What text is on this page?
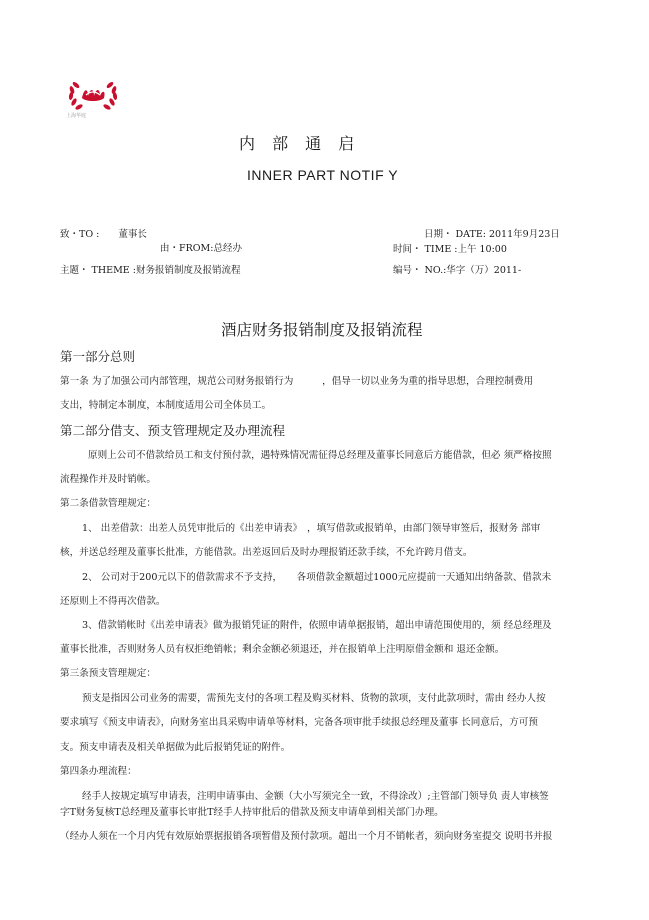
上海华庭
内 部 通 启
INNER PART NOTIF Y
致・TO :　　董事长
由・FROM:总经办
主题・ THEME :财务报销制度及报销流程
日期・ DATE: 2011年9月23日
时间・ TIME :上午 10:00
编号・ NO.:华字（万）2011-
酒店财务报销制度及报销流程
第一部分总则
第一条 为了加强公司内部管理，规范公司财务报销行为　　　，倡导一切以业务为重的指导思想，合理控制费用
支出，特制定本制度，本制度适用公司全体员工。
第二部分借支、预支管理规定及办理流程
原则上公司不借款给员工和支付预付款，遇特殊情况需征得总经理及董事长同意后方能借款，但必 须严格按照
流程操作并及时销帐。
第二条借款管理规定：
1、 出差借款：出差人员凭审批后的《出差申请表》　，填写借款或报销单，由部门领导审签后，报财务 部审
核，并送总经理及董事长批准，方能借款。出差返回后及时办理报销还款手续，不允许跨月借支。
2、 公司对于200元以下的借款需求不予支持，　　各项借款金额超过1000元应提前一天通知出纳备款、借款未
还原则上不得再次借款。
3、借款销帐时《出差申请表》做为报销凭证的附件，依照申请单据报销，超出申请范围使用的，须 经总经理及
董事长批准，否则财务人员有权拒绝销帐；剩余金额必须退还，并在报销单上注明原借金额和 退还金额。
第三条预支管理规定：
预支是指因公司业务的需要，需预先支付的各项工程及购买材料、货物的款项，支付此款项时，需由 经办人按
要求填写《预支申请表》，向财务室出具采购申请单等材料，完备各项审批手续报总经理及董事 长同意后，方可预
支。预支申请表及相关单据做为此后报销凭证的附件。
第四条办理流程：
经手人按规定填写申请表，注明申请事由、金额（大小写须完全一致，不得涂改）;主管部门领导负 责人审核签
字T财务复核T总经理及董事长审批T经手人持审批后的借款及预支申请单到相关部门办理。
（经办人须在一个月内凭有效原始票据报销各项暂借及预付款项。超出一个月不销帐者，须向财务室提交 说明书并报
